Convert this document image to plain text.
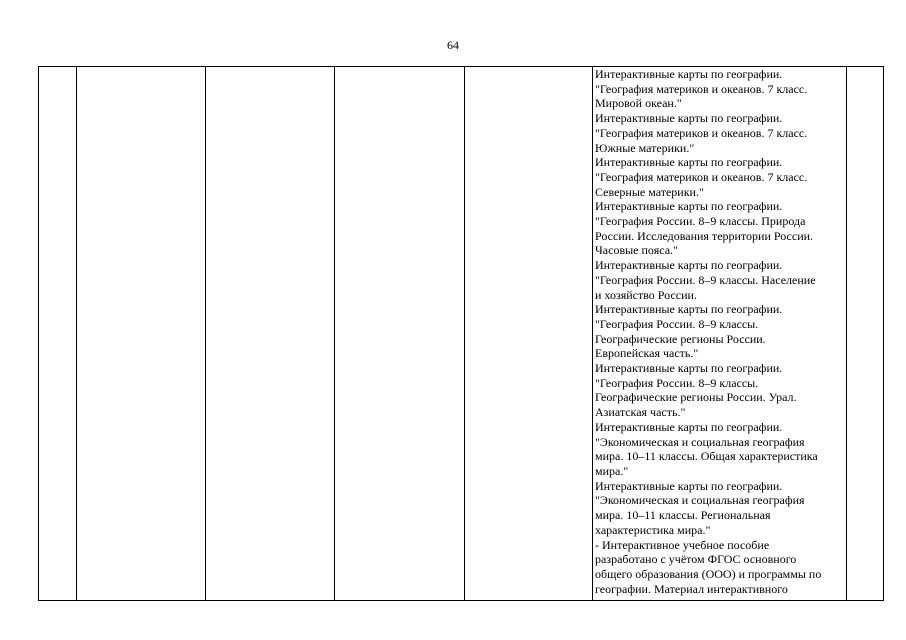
64
Интерактивные карты по географии.
"География материков и океанов. 7 класс.
Мировой океан."
Интерактивные карты по географии.
"География материков и океанов. 7 класс.
Южные материки."
Интерактивные карты по географии.
"География материков и океанов. 7 класс.
Северные материки."
Интерактивные карты по географии.
"География России. 8–9 классы. Природа
России. Исследования территории России.
Часовые пояса."
Интерактивные карты по географии.
"География России. 8–9 классы. Население
и хозяйство России.
Интерактивные карты по географии.
"География России. 8–9 классы.
Географические регионы России.
Европейская часть."
Интерактивные карты по географии.
"География России. 8–9 классы.
Географические регионы России. Урал.
Азиатская часть."
Интерактивные карты по географии.
"Экономическая и социальная география
мира. 10–11 классы. Общая характеристика
мира."
Интерактивные карты по географии.
"Экономическая и социальная география
мира. 10–11 классы. Региональная
характеристика мира."
- Интерактивное учебное пособие
разработано с учётом ФГОС основного
общего образования (ООО) и программы по
географии. Материал интерактивного
